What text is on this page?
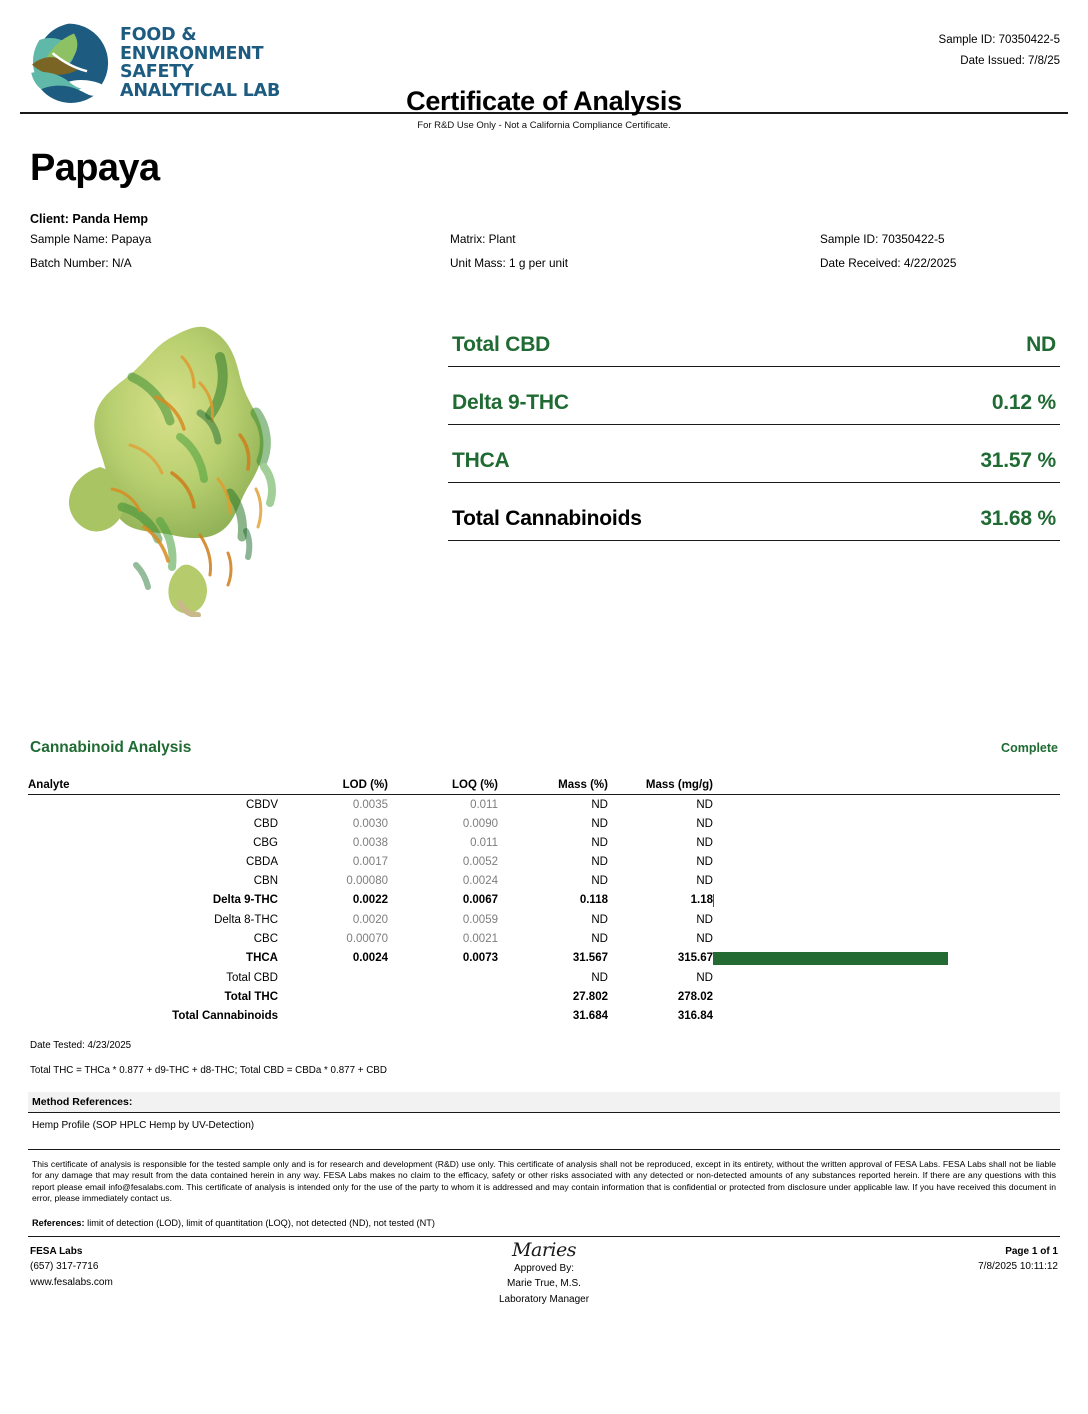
FOOD &
ENVIRONMENT
SAFETY
ANALYTICAL LAB
Sample ID: 70350422-5
Date Issued: 7/8/25
Certificate of Analysis
For R&D Use Only - Not a California Compliance Certificate.
Papaya
Client: Panda Hemp
Sample Name: Papaya	Matrix: Plant	Sample ID: 70350422-5
Batch Number: N/A	Unit Mass: 1 g per unit	Date Received: 4/22/2025
Total CBD	ND
Delta 9-THC	0.12 %
THCA	31.57 %
Total Cannabinoids	31.68 %
Cannabinoid Analysis	Complete
Analyte	LOD (%)	LOQ (%)	Mass (%)	Mass (mg/g)	
CBDV	0.0035	0.011	ND	ND	
CBD	0.0030	0.0090	ND	ND	
CBG	0.0038	0.011	ND	ND	
CBDA	0.0017	0.0052	ND	ND	
CBN	0.00080	0.0024	ND	ND	
Delta 9-THC	0.0022	0.0067	0.118	1.18	

Delta 8-THC	0.0020	0.0059	ND	ND	
CBC	0.00070	0.0021	ND	ND	
THCA	0.0024	0.0073	31.567	315.67	

Total CBD			ND	ND	
Total THC			27.802	278.02	
Total Cannabinoids			31.684	316.84	
Date Tested: 4/23/2025
Total THC = THCa * 0.877 + d9-THC + d8-THC; Total CBD = CBDa * 0.877 + CBD
Method References:
Hemp Profile (SOP HPLC Hemp by UV-Detection)
This certificate of analysis is responsible for the tested sample only and is for research and development (R&D) use only. This certificate of analysis shall not be reproduced, except in its entirety, without the written approval of FESA Labs. FESA Labs shall not be liable for any damage that may result from the data contained herein in any way. FESA Labs makes no claim to the efficacy, safety or other risks associated with any detected or non-detected amounts of any substances reported herein. If there are any questions with this report please email info@fesalabs.com. This certificate of analysis is intended only for the use of the party to whom it is addressed and may contain information that is confidential or protected from disclosure under applicable law. If you have received this document in error, please immediately contact us.
References: limit of detection (LOD), limit of quantitation (LOQ), not detected (ND), not tested (NT)
FESA Labs
(657) 317-7716
www.fesalabs.com
Maries
Approved By:
Marie True, M.S.
Laboratory Manager
Page 1 of 1
7/8/2025 10:11:12
